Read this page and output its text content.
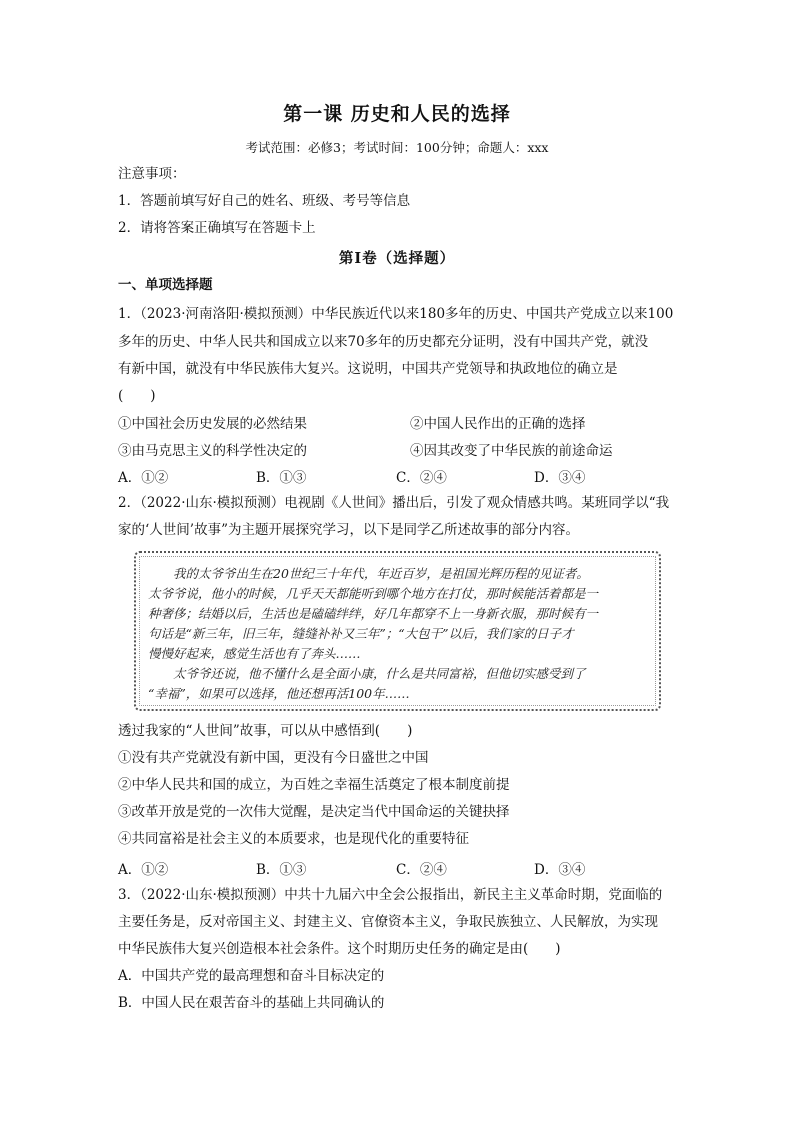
第一课 历史和人民的选择
考试范围：必修3；考试时间：100分钟；命题人：xxx
注意事项：
1．答题前填写好自己的姓名、班级、考号等信息
2．请将答案正确填写在答题卡上
第I卷（选择题）
一、单项选择题
1．（2023·河南洛阳·模拟预测）中华民族近代以来180多年的历史、中国共产党成立以来100
多年的历史、中华人民共和国成立以来70多年的历史都充分证明，没有中国共产党，就没
有新中国，就没有中华民族伟大复兴。这说明，中国共产党领导和执政地位的确立是
(　　)
①中国社会历史发展的必然结果	②中国人民作出的正确的选择
③由马克思主义的科学性决定的	④因其改变了中华民族的前途命运
A．①②	B．①③	C．②④	D．③④
2．（2022·山东·模拟预测）电视剧《人世间》播出后，引发了观众情感共鸣。某班同学以“我
家的‘人世间’故事”为主题开展探究学习，以下是同学乙所述故事的部分内容。
　　我的太爷爷出生在20世纪三十年代，年近百岁，是祖国光辉历程的见证者。
太爷爷说，他小的时候，几乎天天都能听到哪个地方在打仗，那时候能活着都是一
种奢侈；结婚以后，生活也是磕磕绊绊，好几年都穿不上一身新衣服，那时候有一
句话是“新三年，旧三年，缝缝补补又三年”；“大包干”以后，我们家的日子才
慢慢好起来，感觉生活也有了奔头……
　　太爷爷还说，他不懂什么是全面小康，什么是共同富裕，但他切实感受到了
“幸福”，如果可以选择，他还想再活100年……
透过我家的“人世间”故事，可以从中感悟到(　　)
①没有共产党就没有新中国，更没有今日盛世之中国
②中华人民共和国的成立，为百姓之幸福生活奠定了根本制度前提
③改革开放是党的一次伟大觉醒，是决定当代中国命运的关键抉择
④共同富裕是社会主义的本质要求，也是现代化的重要特征
A．①②	B．①③	C．②④	D．③④
3．（2022·山东·模拟预测）中共十九届六中全会公报指出，新民主主义革命时期，党面临的
主要任务是，反对帝国主义、封建主义、官僚资本主义，争取民族独立、人民解放，为实现
中华民族伟大复兴创造根本社会条件。这个时期历史任务的确定是由(　　)
A．中国共产党的最高理想和奋斗目标决定的
B．中国人民在艰苦奋斗的基础上共同确认的
